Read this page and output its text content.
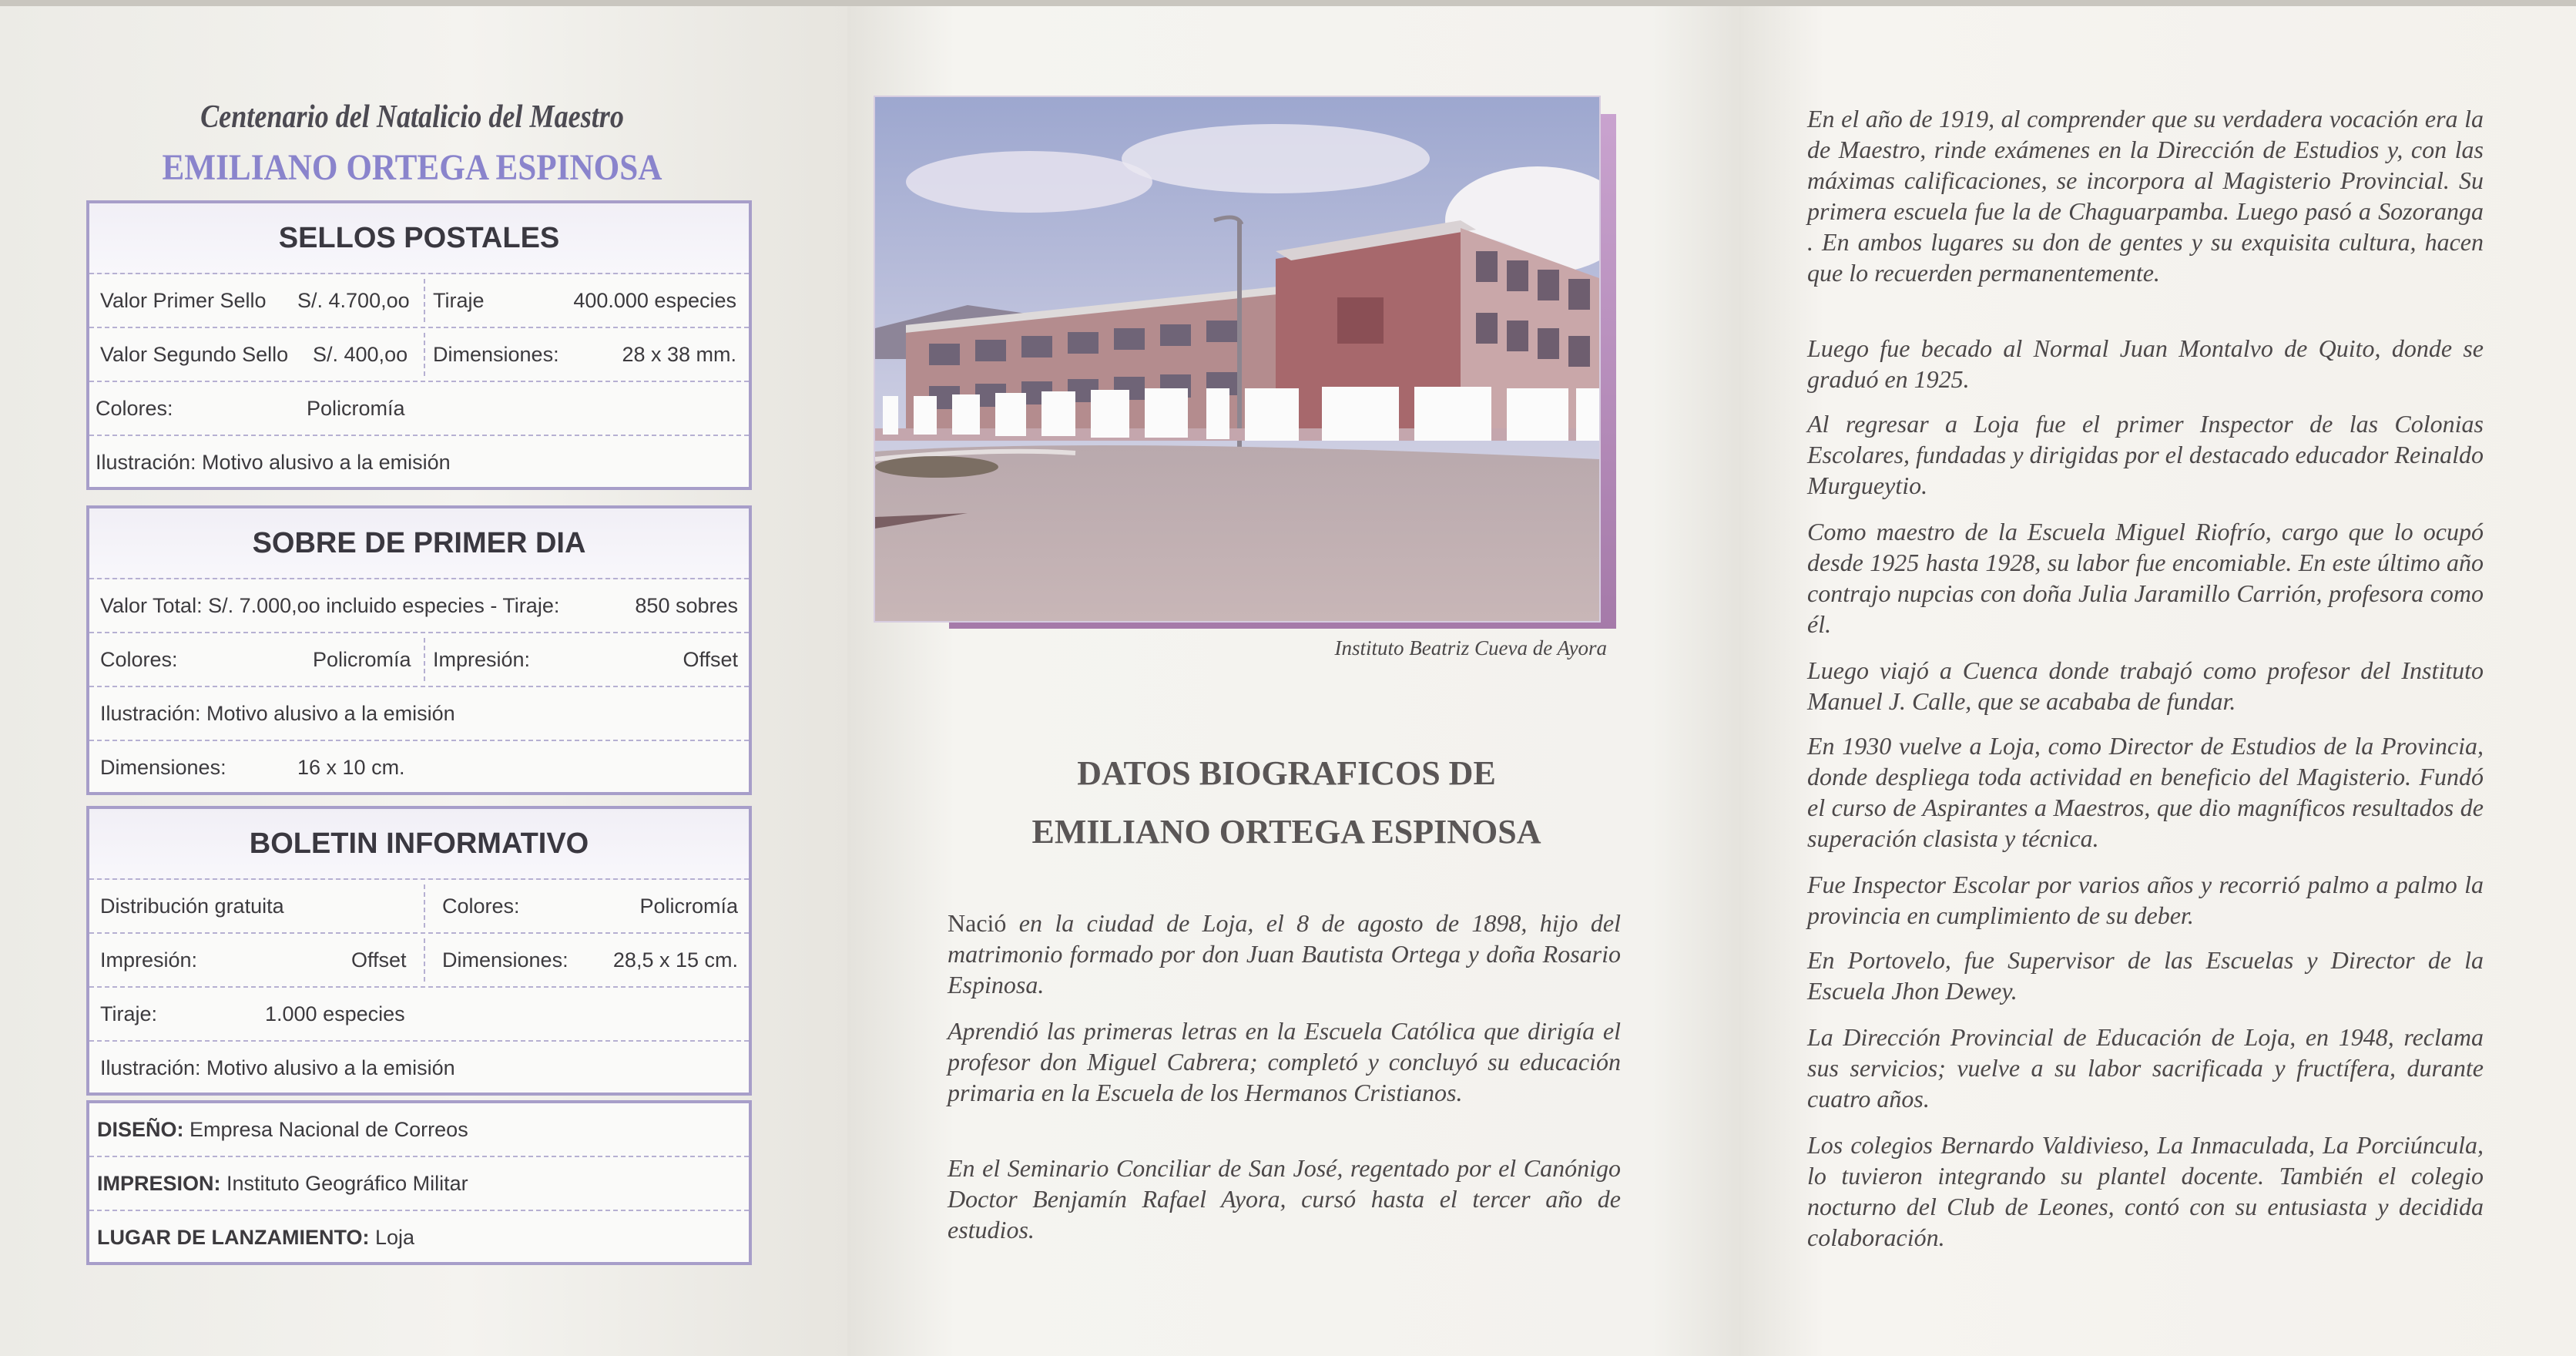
Centenario del Natalicio del Maestro
EMILIANO ORTEGA ESPINOSA
SELLOS POSTALES
Valor Primer Sello S/. 4.700,oo Tiraje	400.000 especies
Valor Segundo Sello S/. 400,oo Dimensiones:	28 x 38 mm.
Colores:	Policromía
Ilustración: Motivo alusivo a la emisión
SOBRE DE PRIMER DIA
Valor Total: S/. 7.000,oo incluido especies - Tiraje:	850 sobres
Colores:	Policromía Impresión:	Offset
Ilustración: Motivo alusivo a la emisión
Dimensiones:	16 x 10 cm.
BOLETIN INFORMATIVO
Distribución gratuita	Colores:	Policromía
Impresión:	Offset Dimensiones: 28,5 x 15 cm.
Tiraje:	1.000 especies
Ilustración: Motivo alusivo a la emisión
DISEÑO:
Empresa Nacional de Correos
IMPRESION:
Instituto Geográfico Militar
LUGAR DE LANZAMIENTO:
Loja
Instituto Beatriz Cueva de Ayora
DATOS BIOGRAFICOS DE
EMILIANO ORTEGA ESPINOSA

Nació en la ciudad de Loja, el 8 de agosto de 1898, hijo del matrimonio formado por don Juan Bautista Ortega y doña Rosario Espinosa.

Aprendió las primeras letras en la Escuela Católica que dirigía el profesor don Miguel Cabrera; completó y concluyó su educación primaria en la Escuela de los Hermanos Cristianos.

En el Seminario Conciliar de San José, regentado por el Canónigo Doctor Benjamín Rafael Ayora, cursó hasta el tercer año de estudios.

En el año de 1919, al comprender que su verdadera vocación era la de Maestro, rinde exámenes en la Dirección de Estudios y, con las máximas calificaciones, se incorpora al Magisterio Provincial. Su primera escuela fue la de Chaguarpamba. Luego pasó a Sozoranga . En ambos lugares su don de gentes y su exquisita cultura, hacen que lo recuerden permanentemente.

Luego fue becado al Normal Juan Montalvo de Quito, donde se graduó en 1925.

Al regresar a Loja fue el primer Inspector de las Colonias Escolares, fundadas y dirigidas por el destacado educador Reinaldo Murgueytio.

Como maestro de la Escuela Miguel Riofrío, cargo que lo ocupó desde 1925 hasta 1928, su labor fue encomiable. En este último año contrajo nupcias con doña Julia Jaramillo Carrión, profesora como él.

Luego viajó a Cuenca donde trabajó como profesor del Instituto Manuel J. Calle, que se acababa de fundar.

En 1930 vuelve a Loja, como Director de Estudios de la Provincia, donde despliega toda actividad en beneficio del Magisterio. Fundó el curso de Aspirantes a Maestros, que dio magníficos resultados de superación clasista y técnica.

Fue Inspector Escolar por varios años y recorrió palmo a palmo la provincia en cumplimiento de su deber.

En Portovelo, fue Supervisor de las Escuelas y Director de la Escuela Jhon Dewey.

La Dirección Provincial de Educación de Loja, en 1948, reclama sus servicios; vuelve a su labor sacrificada y fructífera, durante cuatro años.

Los colegios Bernardo Valdivieso, La Inmaculada, La Porciúncula, lo tuvieron integrando su plantel docente. También el colegio nocturno del Club de Leones, contó con su entusiasta y decidida colaboración.
